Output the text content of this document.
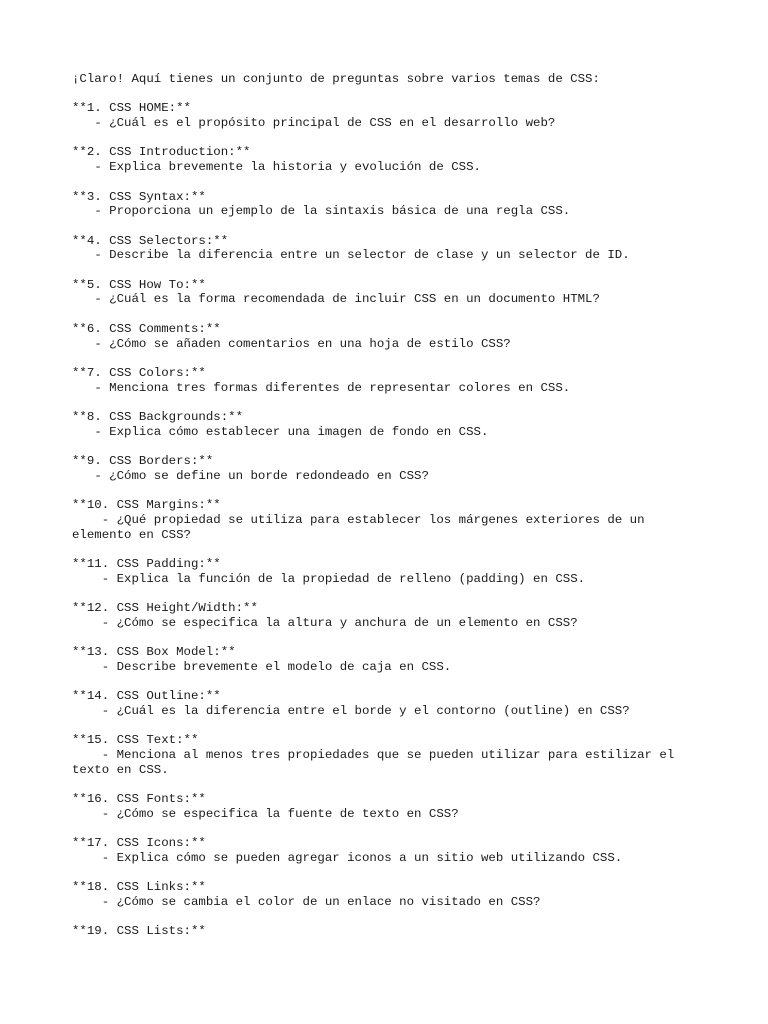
¡Claro! Aquí tienes un conjunto de preguntas sobre varios temas de CSS:
**1. CSS HOME:**
- ¿Cuál es el propósito principal de CSS en el desarrollo web?
**2. CSS Introduction:**
- Explica brevemente la historia y evolución de CSS.
**3. CSS Syntax:**
- Proporciona un ejemplo de la sintaxis básica de una regla CSS.
**4. CSS Selectors:**
- Describe la diferencia entre un selector de clase y un selector de ID.
**5. CSS How To:**
- ¿Cuál es la forma recomendada de incluir CSS en un documento HTML?
**6. CSS Comments:**
- ¿Cómo se añaden comentarios en una hoja de estilo CSS?
**7. CSS Colors:**
- Menciona tres formas diferentes de representar colores en CSS.
**8. CSS Backgrounds:**
- Explica cómo establecer una imagen de fondo en CSS.
**9. CSS Borders:**
- ¿Cómo se define un borde redondeado en CSS?
**10. CSS Margins:**
- ¿Qué propiedad se utiliza para establecer los márgenes exteriores de un
elemento en CSS?
**11. CSS Padding:**
- Explica la función de la propiedad de relleno (padding) en CSS.
**12. CSS Height/Width:**
- ¿Cómo se especifica la altura y anchura de un elemento en CSS?
**13. CSS Box Model:**
- Describe brevemente el modelo de caja en CSS.
**14. CSS Outline:**
- ¿Cuál es la diferencia entre el borde y el contorno (outline) en CSS?
**15. CSS Text:**
- Menciona al menos tres propiedades que se pueden utilizar para estilizar el
texto en CSS.
**16. CSS Fonts:**
- ¿Cómo se especifica la fuente de texto en CSS?
**17. CSS Icons:**
- Explica cómo se pueden agregar iconos a un sitio web utilizando CSS.
**18. CSS Links:**
- ¿Cómo se cambia el color de un enlace no visitado en CSS?
**19. CSS Lists:**
